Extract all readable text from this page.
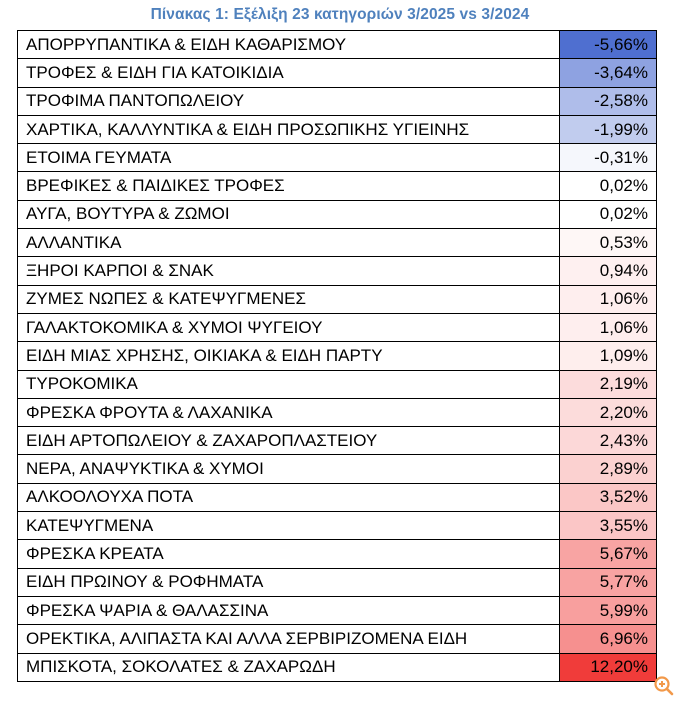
Πίνακας 1: Εξέλιξη 23 κατηγοριών 3/2025 vs 3/2024
ΑΠΟΡΡΥΠΑΝΤΙΚΑ & ΕΙΔΗ ΚΑΘΑΡΙΣΜΟΥ	-5,66%
ΤΡΟΦΕΣ & ΕΙΔΗ ΓΙΑ ΚΑΤΟΙΚΙΔΙΑ	-3,64%
ΤΡΟΦΙΜΑ ΠΑΝΤΟΠΩΛΕΙΟΥ	-2,58%
ΧΑΡΤΙΚΑ, ΚΑΛΛΥΝΤΙΚΑ & ΕΙΔΗ ΠΡΟΣΩΠΙΚΗΣ ΥΓΙΕΙΝΗΣ	-1,99%
ΕΤΟΙΜΑ ΓΕΥΜΑΤΑ	-0,31%
ΒΡΕΦΙΚΕΣ & ΠΑΙΔΙΚΕΣ ΤΡΟΦΕΣ	0,02%
ΑΥΓΑ, ΒΟΥΤΥΡΑ & ΖΩΜΟΙ	0,02%
ΑΛΛΑΝΤΙΚΑ	0,53%
ΞΗΡΟΙ ΚΑΡΠΟΙ & ΣΝΑΚ	0,94%
ΖΥΜΕΣ ΝΩΠΕΣ & ΚΑΤΕΨΥΓΜΕΝΕΣ	1,06%
ΓΑΛΑΚΤΟΚΟΜΙΚΑ & ΧΥΜΟΙ ΨΥΓΕΙΟΥ	1,06%
ΕΙΔΗ ΜΙΑΣ ΧΡΗΣΗΣ, ΟΙΚΙΑΚΑ & ΕΙΔΗ ΠΑΡΤΥ	1,09%
ΤΥΡΟΚΟΜΙΚΑ	2,19%
ΦΡΕΣΚΑ ΦΡΟΥΤΑ & ΛΑΧΑΝΙΚΑ	2,20%
ΕΙΔΗ ΑΡΤΟΠΩΛΕΙΟΥ & ΖΑΧΑΡΟΠΛΑΣΤΕΙΟΥ	2,43%
ΝΕΡΑ, ΑΝΑΨΥΚΤΙΚΑ & ΧΥΜΟΙ	2,89%
ΑΛΚΟΟΛΟΥΧΑ ΠΟΤΑ	3,52%
ΚΑΤΕΨΥΓΜΕΝΑ	3,55%
ΦΡΕΣΚΑ ΚΡΕΑΤΑ	5,67%
ΕΙΔΗ ΠΡΩΙΝΟΥ & ΡΟΦΗΜΑΤΑ	5,77%
ΦΡΕΣΚΑ ΨΑΡΙΑ & ΘΑΛΑΣΣΙΝΑ	5,99%
ΟΡΕΚΤΙΚΑ, ΑΛΙΠΑΣΤΑ ΚΑΙ ΑΛΛΑ ΣΕΡΒΙΡΙΖΟΜΕΝΑ ΕΙΔΗ	6,96%
ΜΠΙΣΚΟΤΑ, ΣΟΚΟΛΑΤΕΣ & ΖΑΧΑΡΩΔΗ	12,20%
